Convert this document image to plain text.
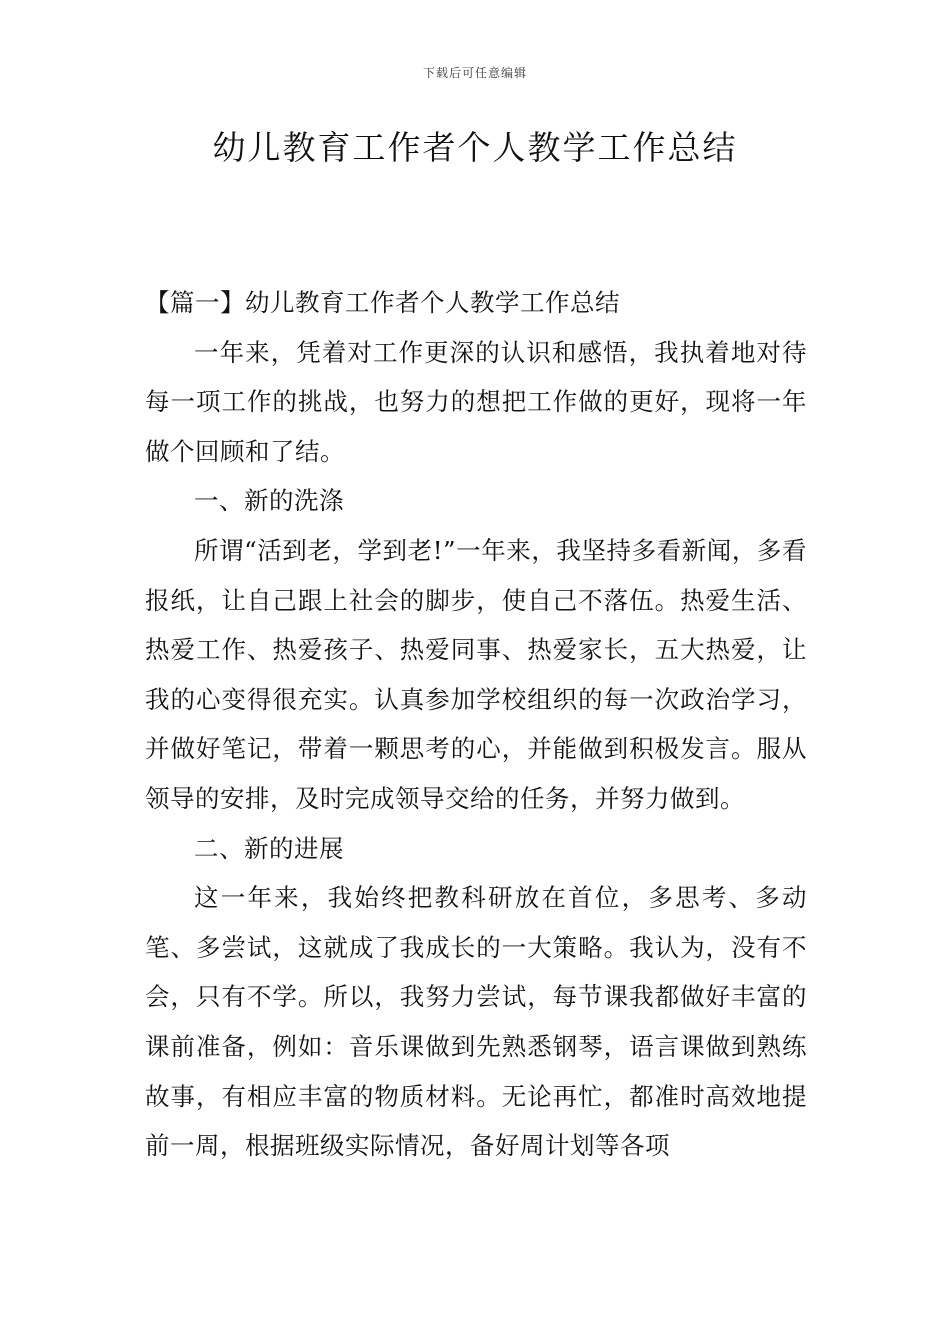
下载后可任意编辑
幼儿教育工作者个人教学工作总结

【篇一】幼儿教育工作者个人教学工作总结

一年来，凭着对工作更深的认识和感悟，我执着地对待每一项工作的挑战，也努力的想把工作做的更好，现将一年做个回顾和了结。

一、新的洗涤

所谓“活到老，学到老!”一年来，我坚持多看新闻，多看报纸，让自己跟上社会的脚步，使自己不落伍。热爱生活、热爱工作、热爱孩子、热爱同事、热爱家长，五大热爱，让我的心变得很充实。认真参加学校组织的每一次政治学习，并做好笔记，带着一颗思考的心，并能做到积极发言。服从领导的安排，及时完成领导交给的任务，并努力做到。

二、新的进展

这一年来，我始终把教科研放在首位，多思考、多动笔、多尝试，这就成了我成长的一大策略。我认为，没有不会，只有不学。所以，我努力尝试，每节课我都做好丰富的课前准备，例如：音乐课做到先熟悉钢琴，语言课做到熟练故事，有相应丰富的物质材料。无论再忙，都准时高效地提前一周，根据班级实际情况，备好周计划等各项
